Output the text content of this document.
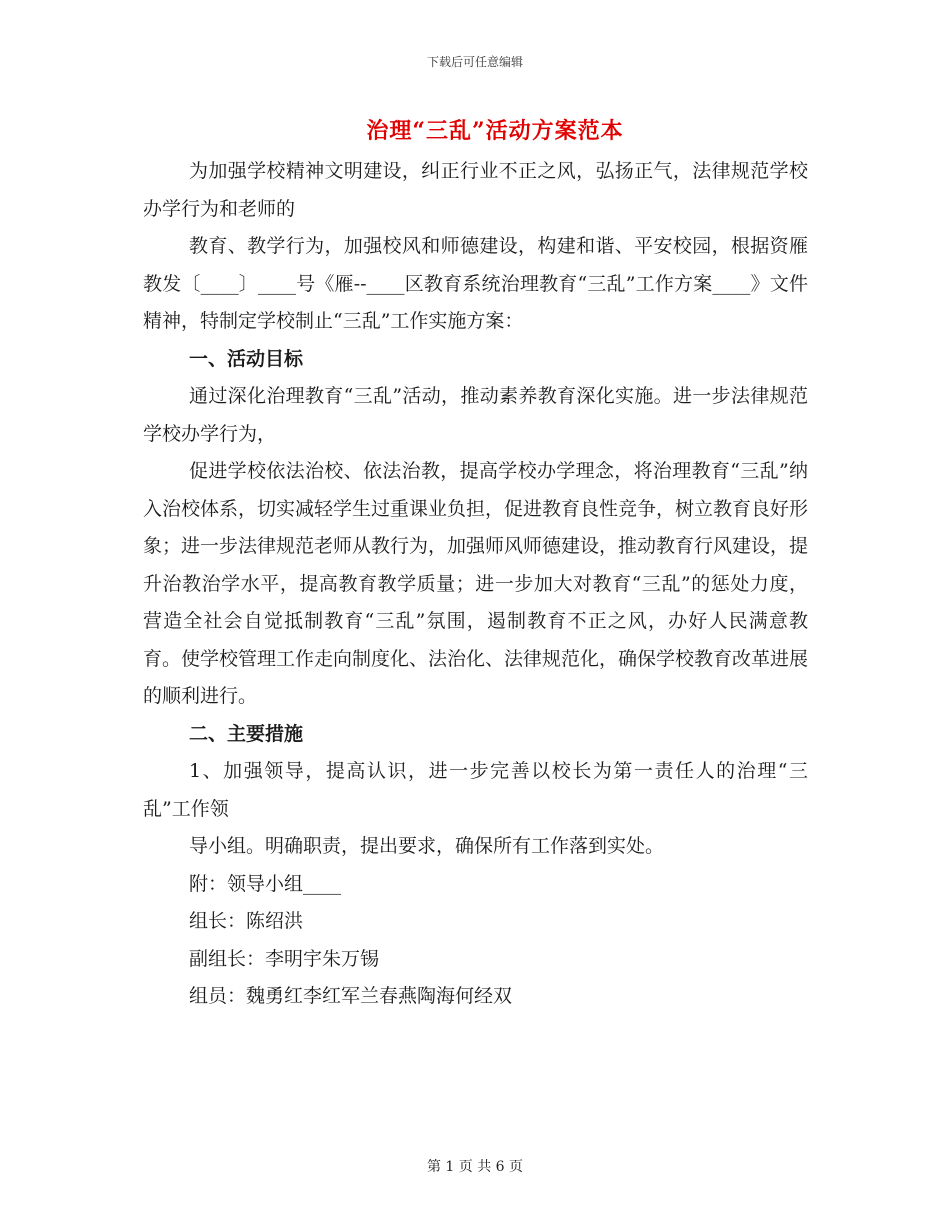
下载后可任意编辑
治理“三乱”活动方案范本

为加强学校精神文明建设，纠正行业不正之风，弘扬正气，法律规范学校办学行为和老师的

教育、教学行为，加强校风和师德建设，构建和谐、平安校园，根据资雁教发〔____〕____号《雁--____区教育系统治理教育“三乱”工作方案____》文件精神，特制定学校制止“三乱”工作实施方案：

一、活动目标

通过深化治理教育“三乱”活动，推动素养教育深化实施。进一步法律规范学校办学行为，

促进学校依法治校、依法治教，提高学校办学理念，将治理教育“三乱”纳入治校体系，切实减轻学生过重课业负担，促进教育良性竞争，树立教育良好形象；进一步法律规范老师从教行为，加强师风师德建设，推动教育行风建设，提升治教治学水平，提高教育教学质量；进一步加大对教育“三乱”的惩处力度，营造全社会自觉抵制教育“三乱”氛围，遏制教育不正之风，办好人民满意教育。使学校管理工作走向制度化、法治化、法律规范化，确保学校教育改革进展的顺利进行。

二、主要措施

1、加强领导，提高认识，进一步完善以校长为第一责任人的治理“三乱”工作领

导小组。明确职责，提出要求，确保所有工作落到实处。

附：领导小组____

组长：陈绍洪

副组长：李明宇朱万锡

组员：魏勇红李红军兰春燕陶海何经双

第 1 页 共 6 页
